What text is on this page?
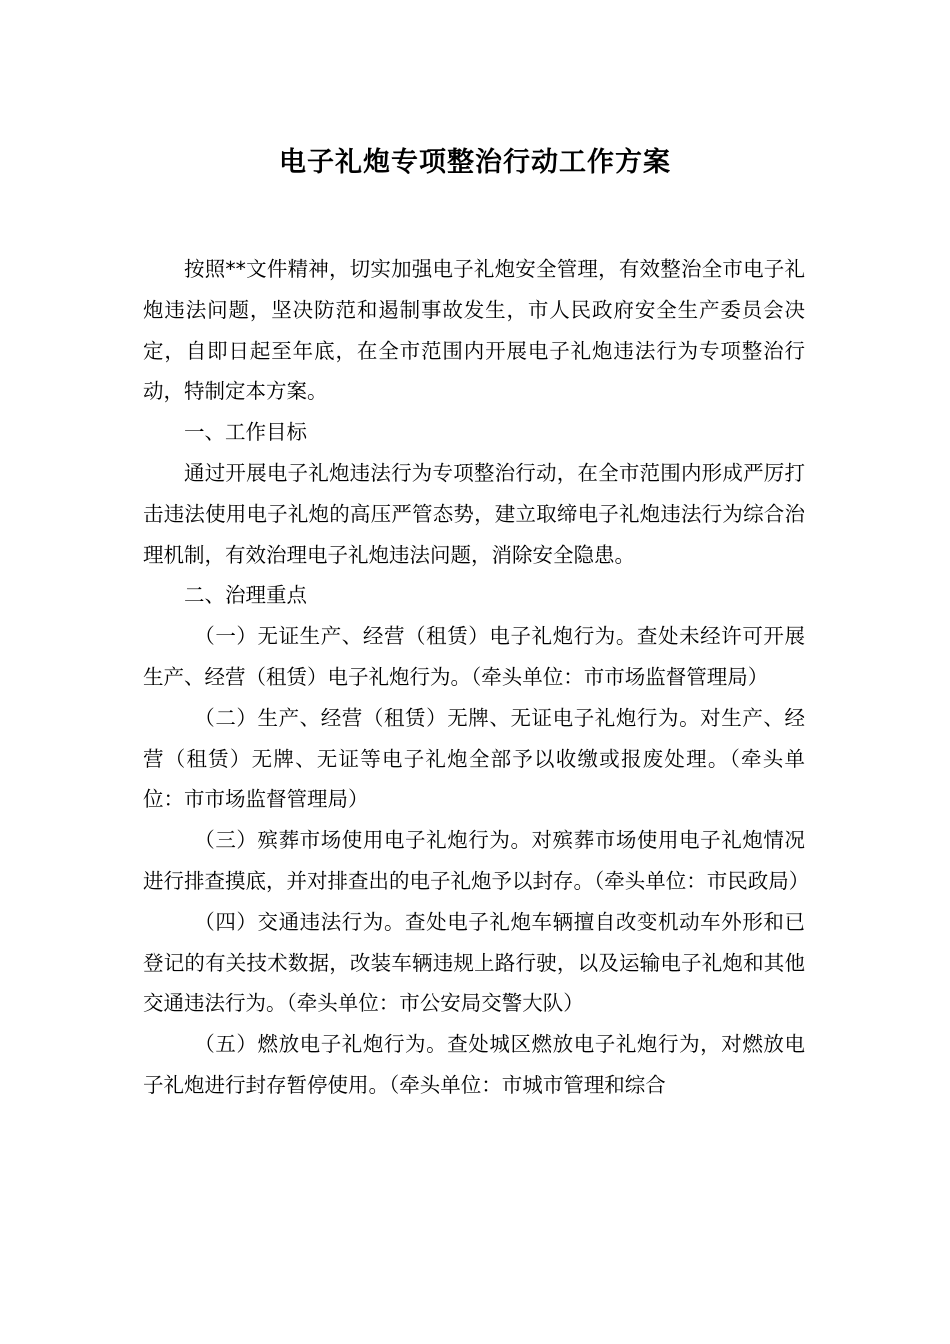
电子礼炮专项整治行动工作方案

按照**文件精神，切实加强电子礼炮安全管理，有效整治全市电子礼炮违法问题，坚决防范和遏制事故发生，市人民政府安全生产委员会决定，自即日起至年底，在全市范围内开展电子礼炮违法行为专项整治行动，特制定本方案。

一、工作目标

通过开展电子礼炮违法行为专项整治行动，在全市范围内形成严厉打击违法使用电子礼炮的高压严管态势，建立取缔电子礼炮违法行为综合治理机制，有效治理电子礼炮违法问题，消除安全隐患。

二、治理重点

（一）无证生产、经营（租赁）电子礼炮行为。查处未经许可开展生产、经营（租赁）电子礼炮行为。（牵头单位：市市场监督管理局）

（二）生产、经营（租赁）无牌、无证电子礼炮行为。对生产、经营（租赁）无牌、无证等电子礼炮全部予以收缴或报废处理。（牵头单位：市市场监督管理局）

（三）殡葬市场使用电子礼炮行为。对殡葬市场使用电子礼炮情况进行排查摸底，并对排查出的电子礼炮予以封存。（牵头单位：市民政局）

（四）交通违法行为。查处电子礼炮车辆擅自改变机动车外形和已登记的有关技术数据，改装车辆违规上路行驶，以及运输电子礼炮和其他交通违法行为。（牵头单位：市公安局交警大队）

（五）燃放电子礼炮行为。查处城区燃放电子礼炮行为，对燃放电子礼炮进行封存暂停使用。（牵头单位：市城市管理和综合
